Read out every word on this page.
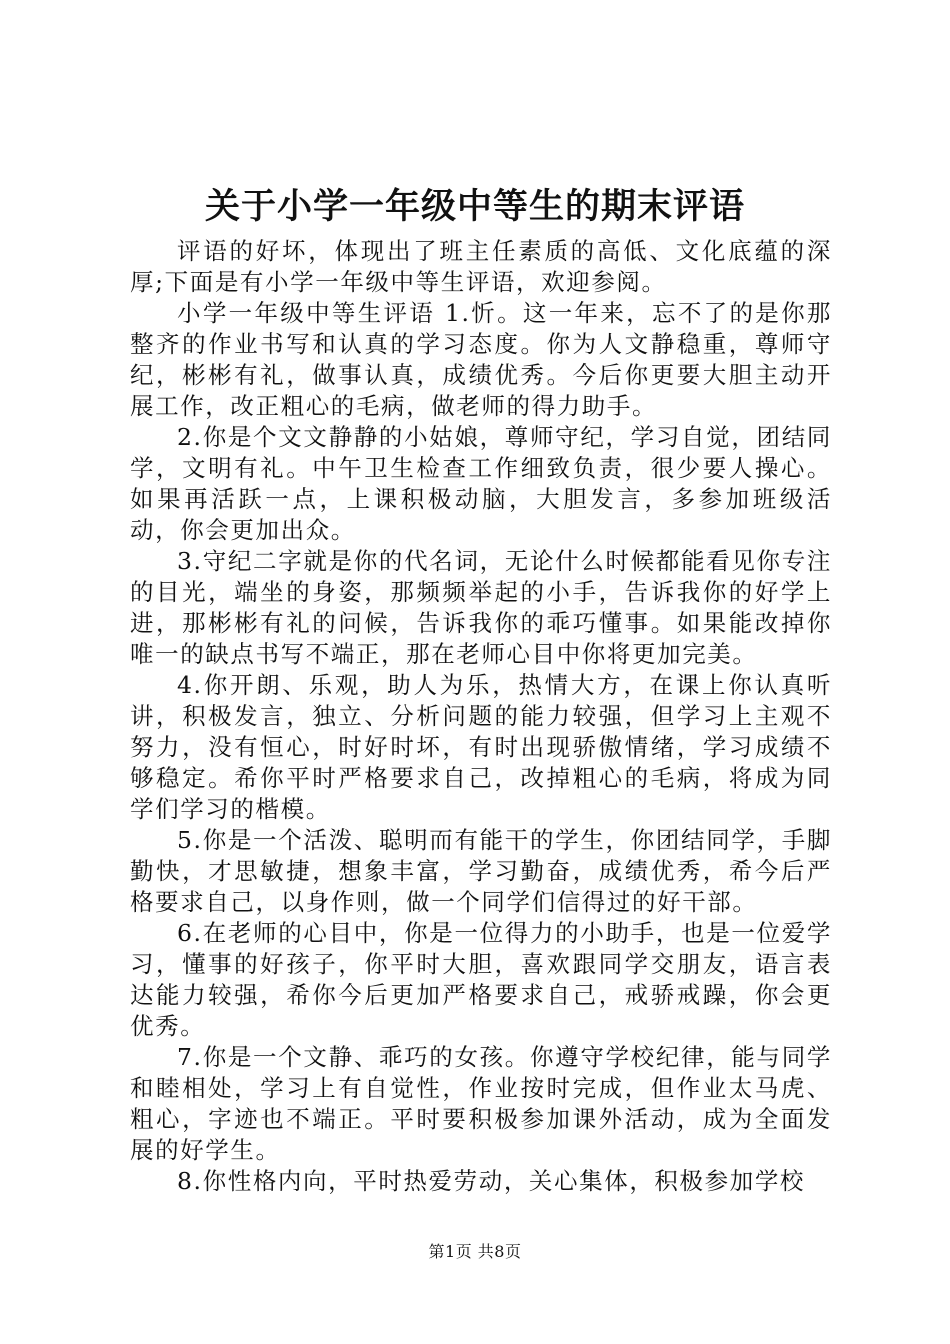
关于小学一年级中等生的期末评语

评语的好坏，体现出了班主任素质的高低、文化底蕴的深厚;下面是有小学一年级中等生评语，欢迎参阅。

小学一年级中等生评语 1.忻。这一年来，忘不了的是你那整齐的作业书写和认真的学习态度。你为人文静稳重，尊师守纪，彬彬有礼，做事认真，成绩优秀。今后你更要大胆主动开展工作，改正粗心的毛病，做老师的得力助手。

2.你是个文文静静的小姑娘，尊师守纪，学习自觉，团结同学，文明有礼。中午卫生检查工作细致负责，很少要人操心。如果再活跃一点，上课积极动脑，大胆发言，多参加班级活动，你会更加出众。

3.守纪二字就是你的代名词，无论什么时候都能看见你专注的目光，端坐的身姿，那频频举起的小手，告诉我你的好学上进，那彬彬有礼的问候，告诉我你的乖巧懂事。如果能改掉你唯一的缺点书写不端正，那在老师心目中你将更加完美。

4.你开朗、乐观，助人为乐，热情大方，在课上你认真听讲，积极发言，独立、分析问题的能力较强，但学习上主观不努力，没有恒心，时好时坏，有时出现骄傲情绪，学习成绩不够稳定。希你平时严格要求自己，改掉粗心的毛病，将成为同学们学习的楷模。

5.你是一个活泼、聪明而有能干的学生，你团结同学，手脚勤快，才思敏捷，想象丰富，学习勤奋，成绩优秀，希今后严格要求自己，以身作则，做一个同学们信得过的好干部。

6.在老师的心目中，你是一位得力的小助手，也是一位爱学习，懂事的好孩子，你平时大胆，喜欢跟同学交朋友，语言表达能力较强，希你今后更加严格要求自己，戒骄戒躁，你会更优秀。

7.你是一个文静、乖巧的女孩。你遵守学校纪律，能与同学和睦相处，学习上有自觉性，作业按时完成，但作业太马虎、粗心，字迹也不端正。平时要积极参加课外活动，成为全面发展的好学生。

8.你性格内向，平时热爱劳动，关心集体，积极参加学校

第1页 共8页
